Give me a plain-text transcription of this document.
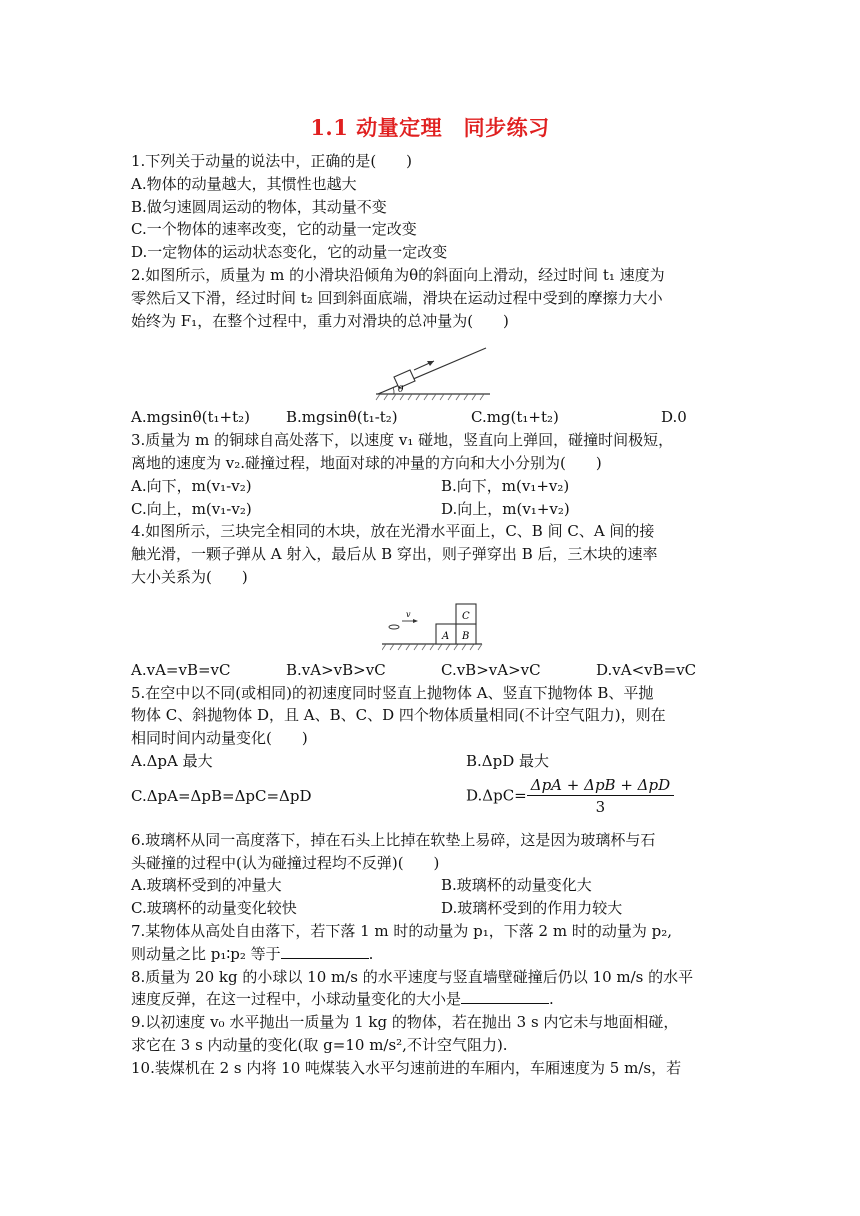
1.1 动量定理　同步练习
1.下列关于动量的说法中，正确的是(　　)
A.物体的动量越大，其惯性也越大
B.做匀速圆周运动的物体，其动量不变
C.一个物体的速率改变，它的动量一定改变
D.一定物体的运动状态变化，它的动量一定改变
2.如图所示，质量为 m 的小滑块沿倾角为θ的斜面向上滑动，经过时间 t₁ 速度为
零然后又下滑，经过时间 t₂ 回到斜面底端，滑块在运动过程中受到的摩擦力大小
始终为 F₁，在整个过程中，重力对滑块的总冲量为(　　)
θ
A.mgsinθ(t₁+t₂)	B.mgsinθ(t₁-t₂)	C.mg(t₁+t₂)	D.0
3.质量为 m 的铜球自高处落下，以速度 v₁ 碰地，竖直向上弹回，碰撞时间极短，
离地的速度为 v₂.碰撞过程，地面对球的冲量的方向和大小分别为(　　)
A.向下，m(v₁-v₂)	B.向下，m(v₁+v₂)
C.向上，m(v₁-v₂)	D.向上，m(v₁+v₂)
4.如图所示，三块完全相同的木块，放在光滑水平面上，C、B 间 C、A 间的接
触光滑，一颗子弹从 A 射入，最后从 B 穿出，则子弹穿出 B 后，三木块的速率
大小关系为(　　)
A B
C
v
A.vA=vB=vC	B.vA>vB>vC	C.vB>vA>vC	D.vA<vB=vC
5.在空中以不同(或相同)的初速度同时竖直上抛物体 A、竖直下抛物体 B、平抛
物体 C、斜抛物体 D，且 A、B、C、D 四个物体质量相同(不计空气阻力)，则在
相同时间内动量变化(　　)
A.ΔpA 最大	B.ΔpD 最大
C.ΔpA=ΔpB=ΔpC=ΔpD	$D.\Delta pC= \frac{\text{ΔpA + ΔpB + ΔpD}}{3}$
6.玻璃杯从同一高度落下，掉在石头上比掉在软垫上易碎，这是因为玻璃杯与石
头碰撞的过程中(认为碰撞过程均不反弹)(　　)
A.玻璃杯受到的冲量大	B.玻璃杯的动量变化大
C.玻璃杯的动量变化较快	D.玻璃杯受到的作用力较大
7.某物体从高处自由落下，若下落 1 m 时的动量为 p₁，下落 2 m 时的动量为 p₂,
则动量之比 p₁∶p₂ 等于	.
8.质量为 20 kg 的小球以 10 m/s 的水平速度与竖直墙壁碰撞后仍以 10 m/s 的水平
速度反弹，在这一过程中，小球动量变化的大小是	.
9.以初速度 v₀ 水平抛出一质量为 1 kg 的物体，若在抛出 3 s 内它未与地面相碰，
求它在 3 s 内动量的变化(取 g=10 m/s²,不计空气阻力).
10.装煤机在 2 s 内将 10 吨煤装入水平匀速前进的车厢内，车厢速度为 5 m/s，若
